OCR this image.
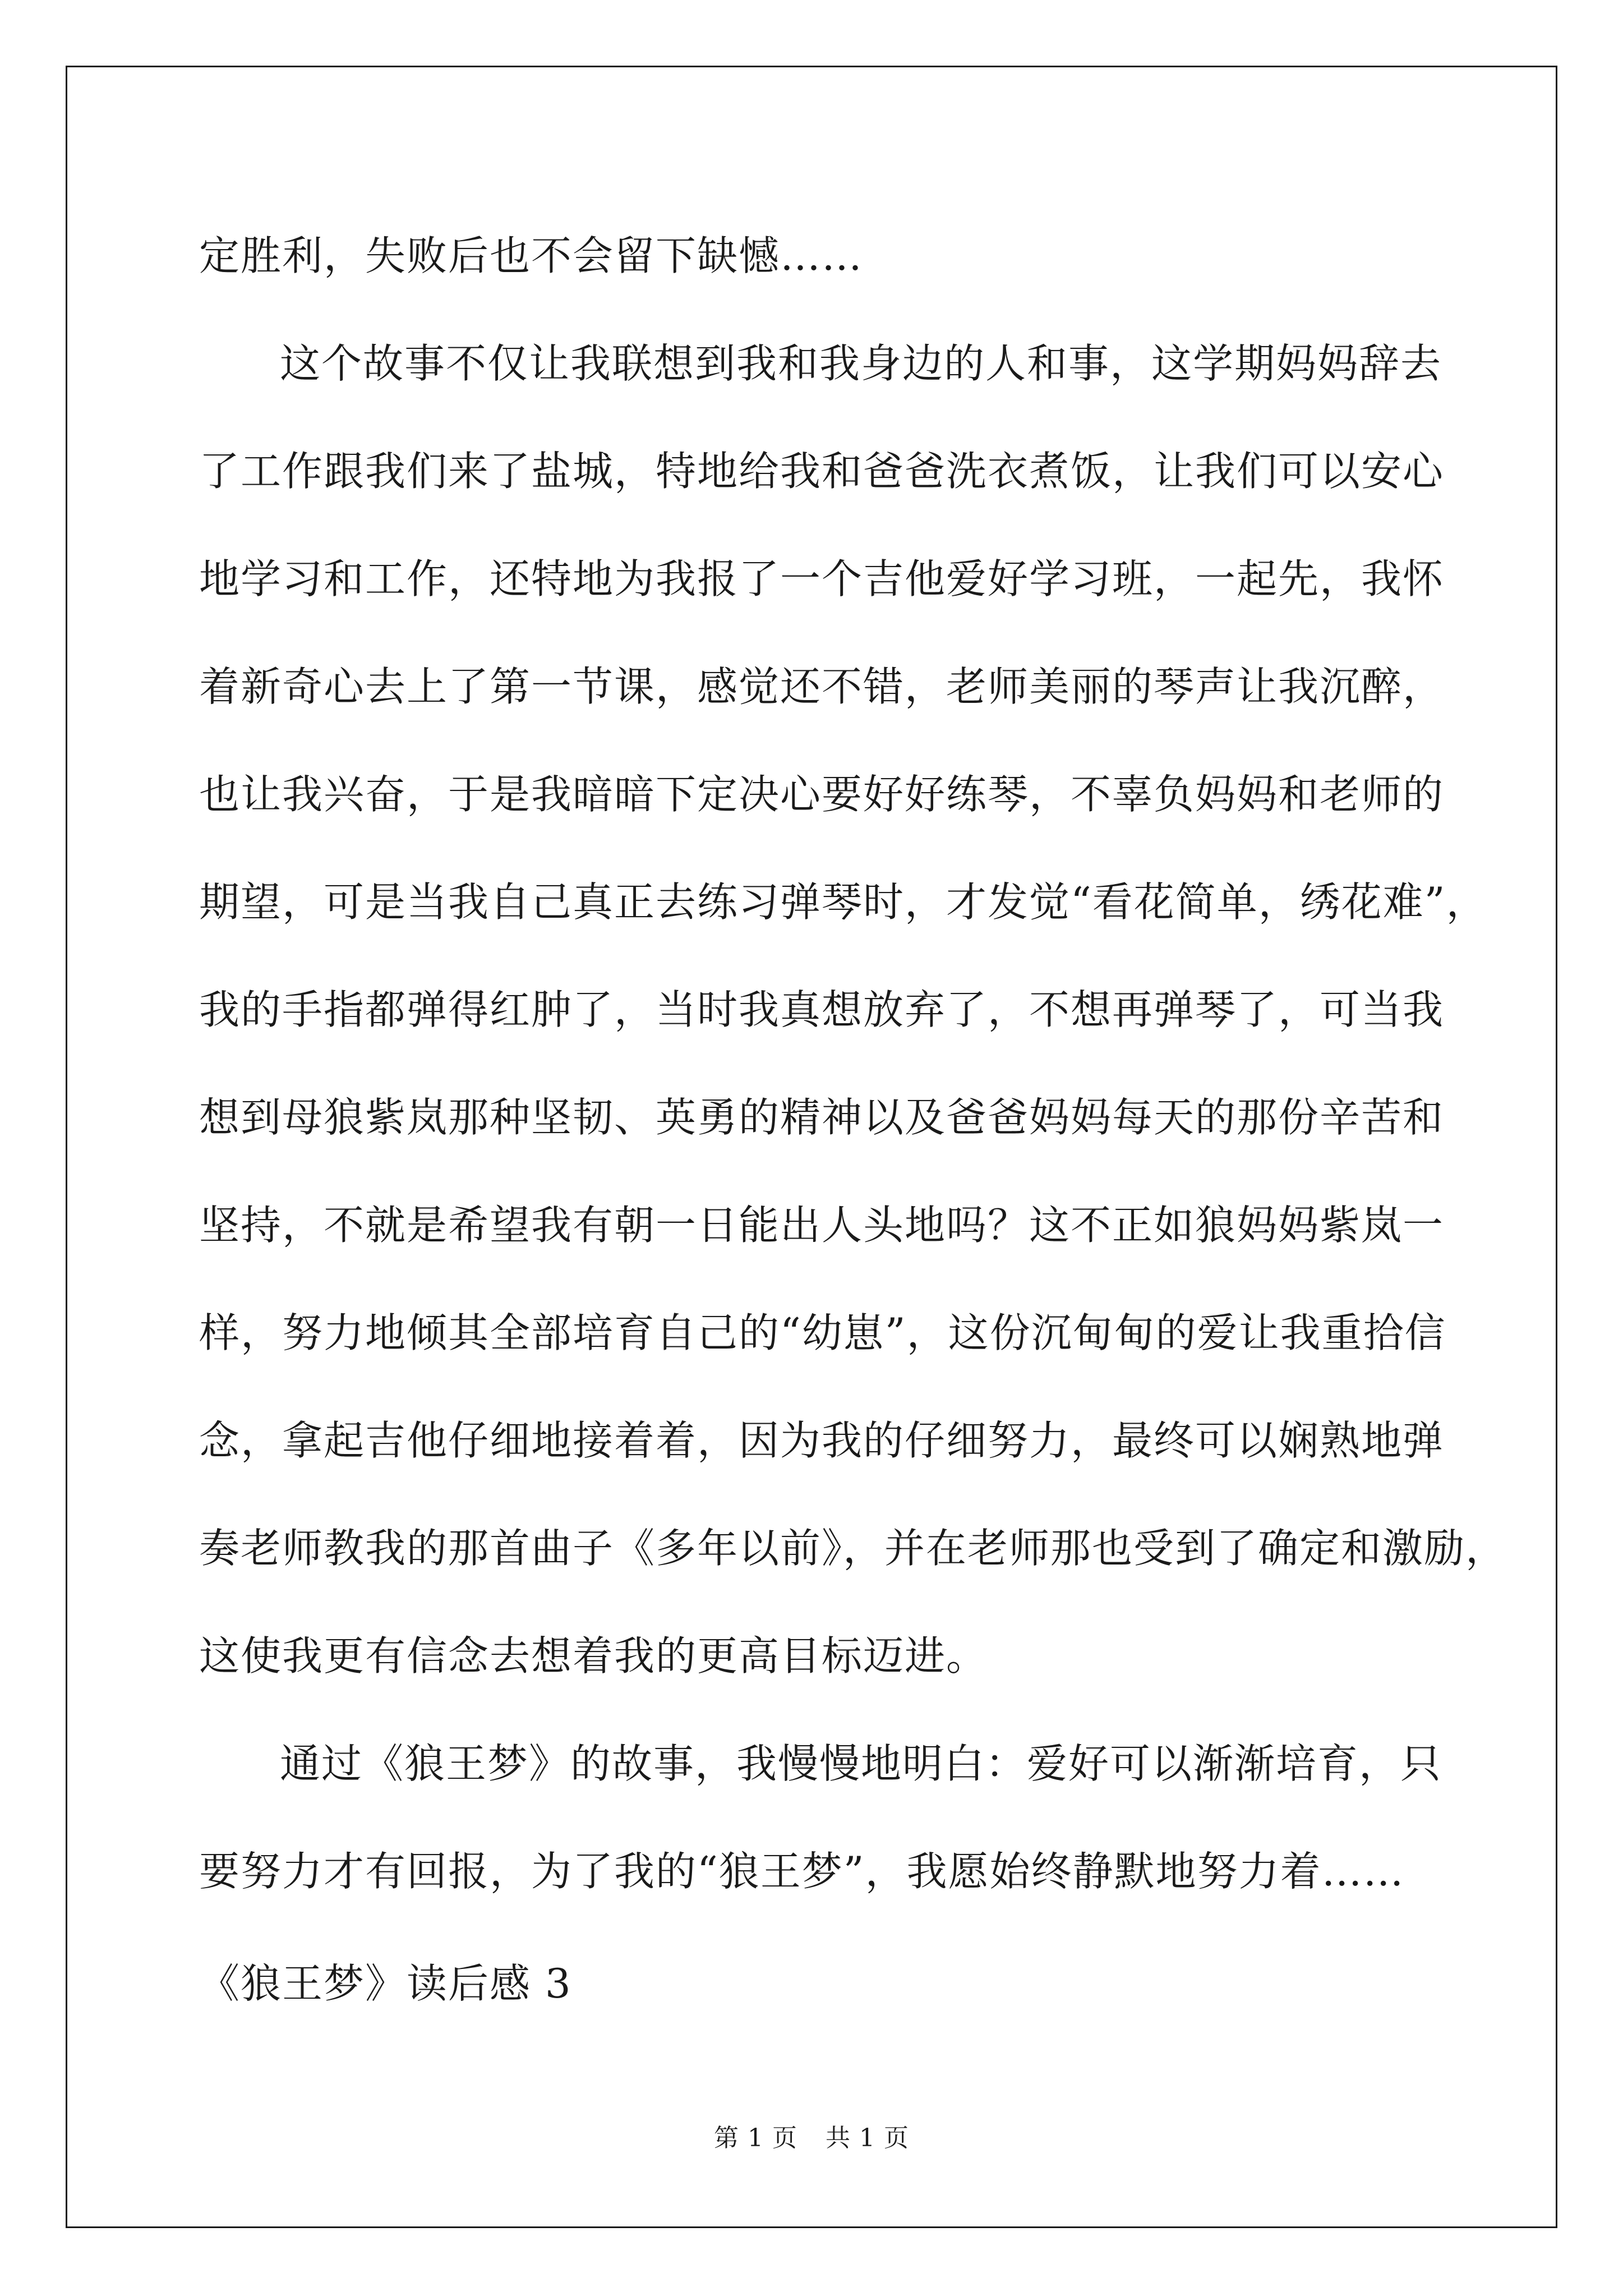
定胜利，失败后也不会留下缺憾……
这个故事不仅让我联想到我和我身边的人和事，这学期妈妈辞去
了工作跟我们来了盐城，特地给我和爸爸洗衣煮饭，让我们可以安心
地学习和工作，还特地为我报了一个吉他爱好学习班，一起先，我怀
着新奇心去上了第一节课，感觉还不错，老师美丽的琴声让我沉醉，
也让我兴奋，于是我暗暗下定决心要好好练琴，不辜负妈妈和老师的
期望，可是当我自己真正去练习弹琴时，才发觉“看花简单，绣花难”，
我的手指都弹得红肿了，当时我真想放弃了，不想再弹琴了，可当我
想到母狼紫岚那种坚韧、英勇的精神以及爸爸妈妈每天的那份辛苦和
坚持，不就是希望我有朝一日能出人头地吗？这不正如狼妈妈紫岚一
样，努力地倾其全部培育自己的“幼崽”，这份沉甸甸的爱让我重拾信
念，拿起吉他仔细地接着着，因为我的仔细努力，最终可以娴熟地弹
奏老师教我的那首曲子《多年以前》，并在老师那也受到了确定和激励，
这使我更有信念去想着我的更高目标迈进。
通过《狼王梦》的故事，我慢慢地明白：爱好可以渐渐培育，只
要努力才有回报，为了我的“狼王梦”，我愿始终静默地努力着……
《狼王梦》读后感 3
第 1 页 共 1 页
